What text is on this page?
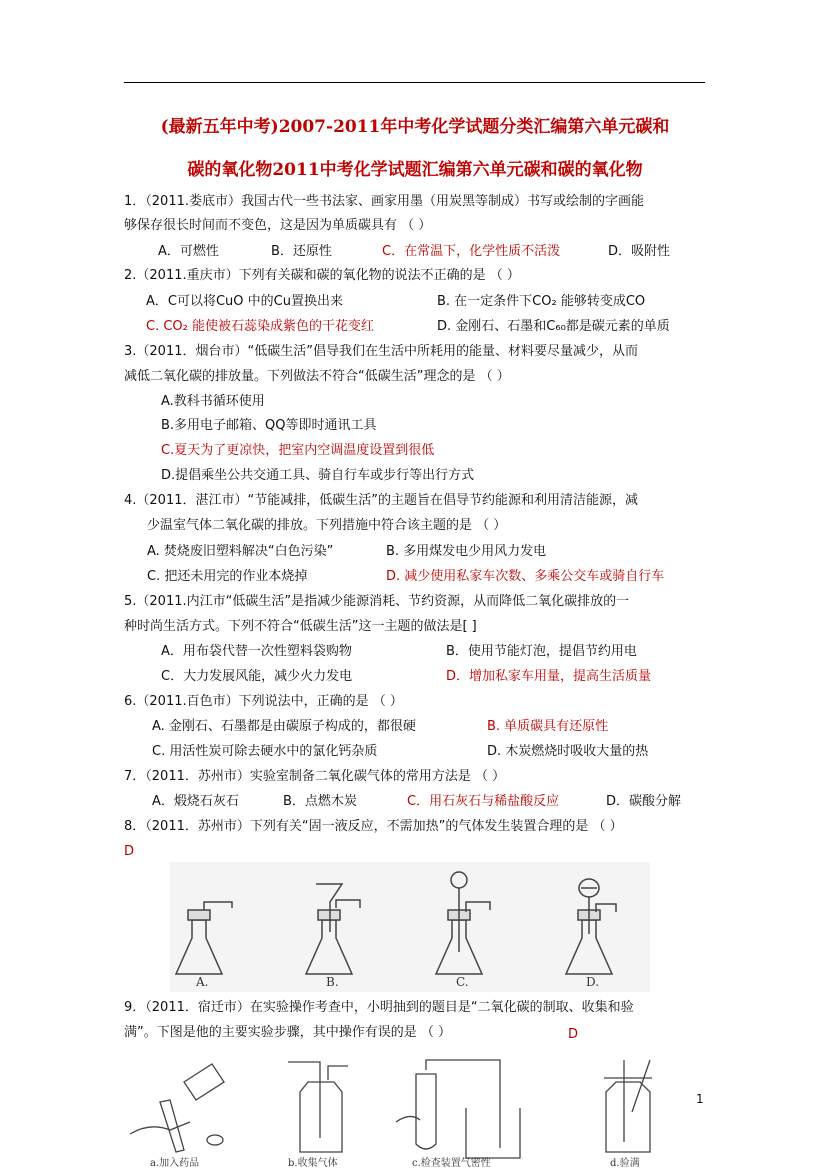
(最新五年中考)2007-2011年中考化学试题分类汇编第六单元碳和
碳的氧化物2011中考化学试题汇编第六单元碳和碳的氧化物
1．（2011.娄底市）我国古代一些书法家、画家用墨（用炭黑等制成）书写或绘制的字画能
够保存很长时间而不变色，这是因为单质碳具有 （ ）
A．可燃性	B．还原性	C．在常温下，化学性质不活泼	D．吸附性
2.（2011.重庆市）下列有关碳和碳的氧化物的说法不正确的是 （ ）
A．C可以将CuO 中的Cu置换出来	B. 在一定条件下CO₂ 能够转变成CO
C. CO₂ 能使被石蕊染成紫色的干花变红	D. 金刚石、石墨和C₆₀都是碳元素的单质
3.（2011．烟台市）“低碳生活”倡导我们在生活中所耗用的能量、材料要尽量减少，从而
减低二氧化碳的排放量。下列做法不符合“低碳生活”理念的是 （ ）
A.教科书循环使用
B.多用电子邮箱、QQ等即时通讯工具
C.夏天为了更凉快，把室内空调温度设置到很低
D.提倡乘坐公共交通工具、骑自行车或步行等出行方式
4.（2011．湛江市）“节能减排，低碳生活”的主题旨在倡导节约能源和利用清洁能源，减
少温室气体二氧化碳的排放。下列措施中符合该主题的是 （ ）
A. 焚烧废旧塑料解决“白色污染”	B. 多用煤发电少用风力发电
C. 把还未用完的作业本烧掉	D. 减少使用私家车次数、多乘公交车或骑自行车
5.（2011.内江市“低碳生活”是指减少能源消耗、节约资源，从而降低二氧化碳排放的一
种时尚生活方式。下列不符合“低碳生活”这一主题的做法是[ ]
A．用布袋代替一次性塑料袋购物	B．使用节能灯泡，提倡节约用电
C．大力发展风能，减少火力发电	D．增加私家车用量，提高生活质量
6.（2011.百色市）下列说法中，正确的是 （ ）
A. 金刚石、石墨都是由碳原子构成的，都很硬	B. 单质碳具有还原性
C. 用活性炭可除去硬水中的氯化钙杂质	D. 木炭燃烧时吸收大量的热
7．（2011．苏州市）实验室制备二氧化碳气体的常用方法是 （ ）
A．煅烧石灰石	B．点燃木炭	C．用石灰石与稀盐酸反应	D．碳酸分解
8．（2011．苏州市）下列有关“固一液反应，不需加热”的气体发生装置合理的是 （ ）
D
A.	B.	C.	D.
9．（2011．宿迁市）在实验操作考查中，小明抽到的题目是“二氧化碳的制取、收集和验
满”。下图是他的主要实验步骤，其中操作有误的是 （ ）	D
a.加入药品	b.收集气体	c.检查装置气密性	d.验满
1
